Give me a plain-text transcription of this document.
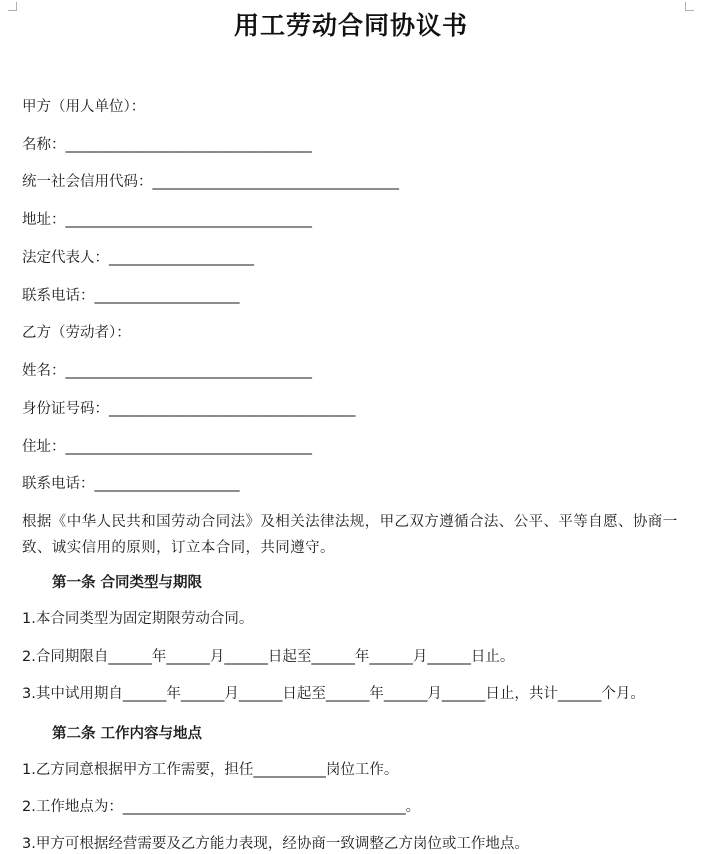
用工劳动合同协议书
甲方（用人单位）：
名称：__________________________________
统一社会信用代码：__________________________________
地址：__________________________________
法定代表人：____________________
联系电话：____________________
乙方（劳动者）：
姓名：__________________________________
身份证号码：__________________________________
住址：__________________________________
联系电话：____________________
根据《中华人民共和国劳动合同法》及相关法律法规，甲乙双方遵循合法、公平、平等自愿、协商一致、诚实信用的原则，订立本合同，共同遵守。
第一条 合同类型与期限
1.本合同类型为固定期限劳动合同。
2.合同期限自______年______月______日起至______年______月______日止。
3.其中试用期自______年______月______日起至______年______月______日止，共计______个月。
第二条 工作内容与地点
1.乙方同意根据甲方工作需要，担任__________岗位工作。
2.工作地点为：_______________________________________。
3.甲方可根据经营需要及乙方能力表现，经协商一致调整乙方岗位或工作地点。
